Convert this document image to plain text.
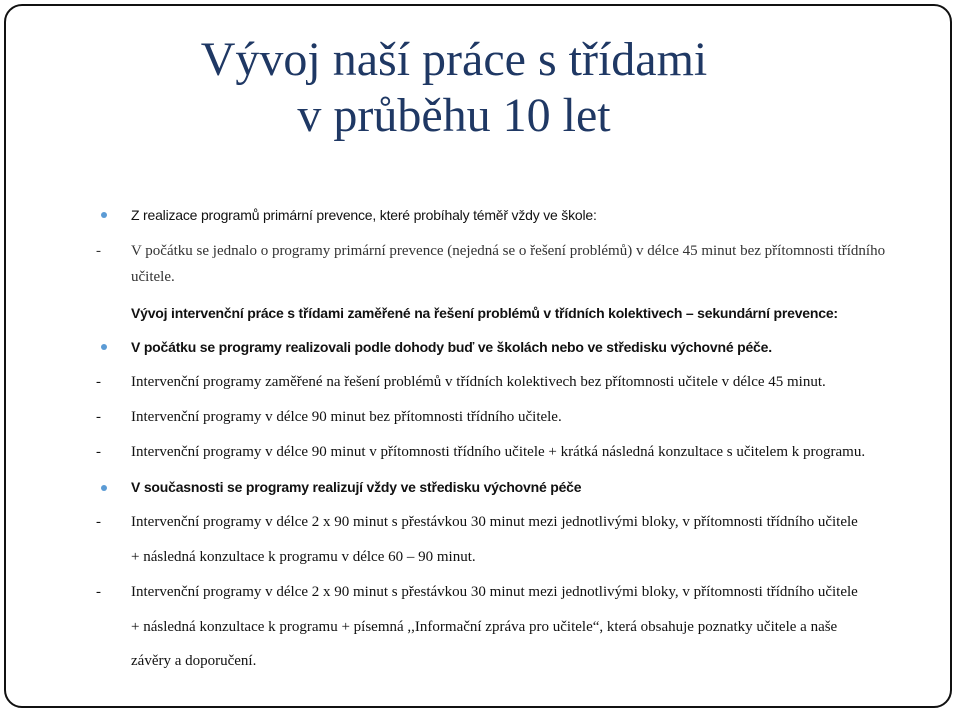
Vývoj naší práce s třídami
v průběhu 10 let
Z realizace programů primární prevence, které probíhaly téměř vždy ve škole:
- V počátku se jednalo o programy primární prevence (nejedná se o řešení problémů) v délce 45 minut bez přítomnosti třídního
učitele.
Vývoj intervenční práce s třídami zaměřené na řešení problémů v třídních kolektivech – sekundární prevence:
V počátku se programy realizovali podle dohody buď ve školách nebo ve středisku výchovné péče.
- Intervenční programy zaměřené na řešení problémů v třídních kolektivech bez přítomnosti učitele v délce 45 minut.
- Intervenční programy v délce 90 minut bez přítomnosti třídního učitele.
- Intervenční programy v délce 90 minut v přítomnosti třídního učitele + krátká následná konzultace s učitelem k programu.
V současnosti se programy realizují vždy ve středisku výchovné péče
- Intervenční programy v délce 2 x 90 minut s přestávkou 30 minut mezi jednotlivými bloky, v přítomnosti třídního učitele
+ následná konzultace k programu v délce 60 – 90 minut.
- Intervenční programy v délce 2 x 90 minut s přestávkou 30 minut mezi jednotlivými bloky, v přítomnosti třídního učitele
+ následná konzultace k programu + písemná ,,Informační zpráva pro učitele“, která obsahuje poznatky učitele a naše
závěry a doporučení.
